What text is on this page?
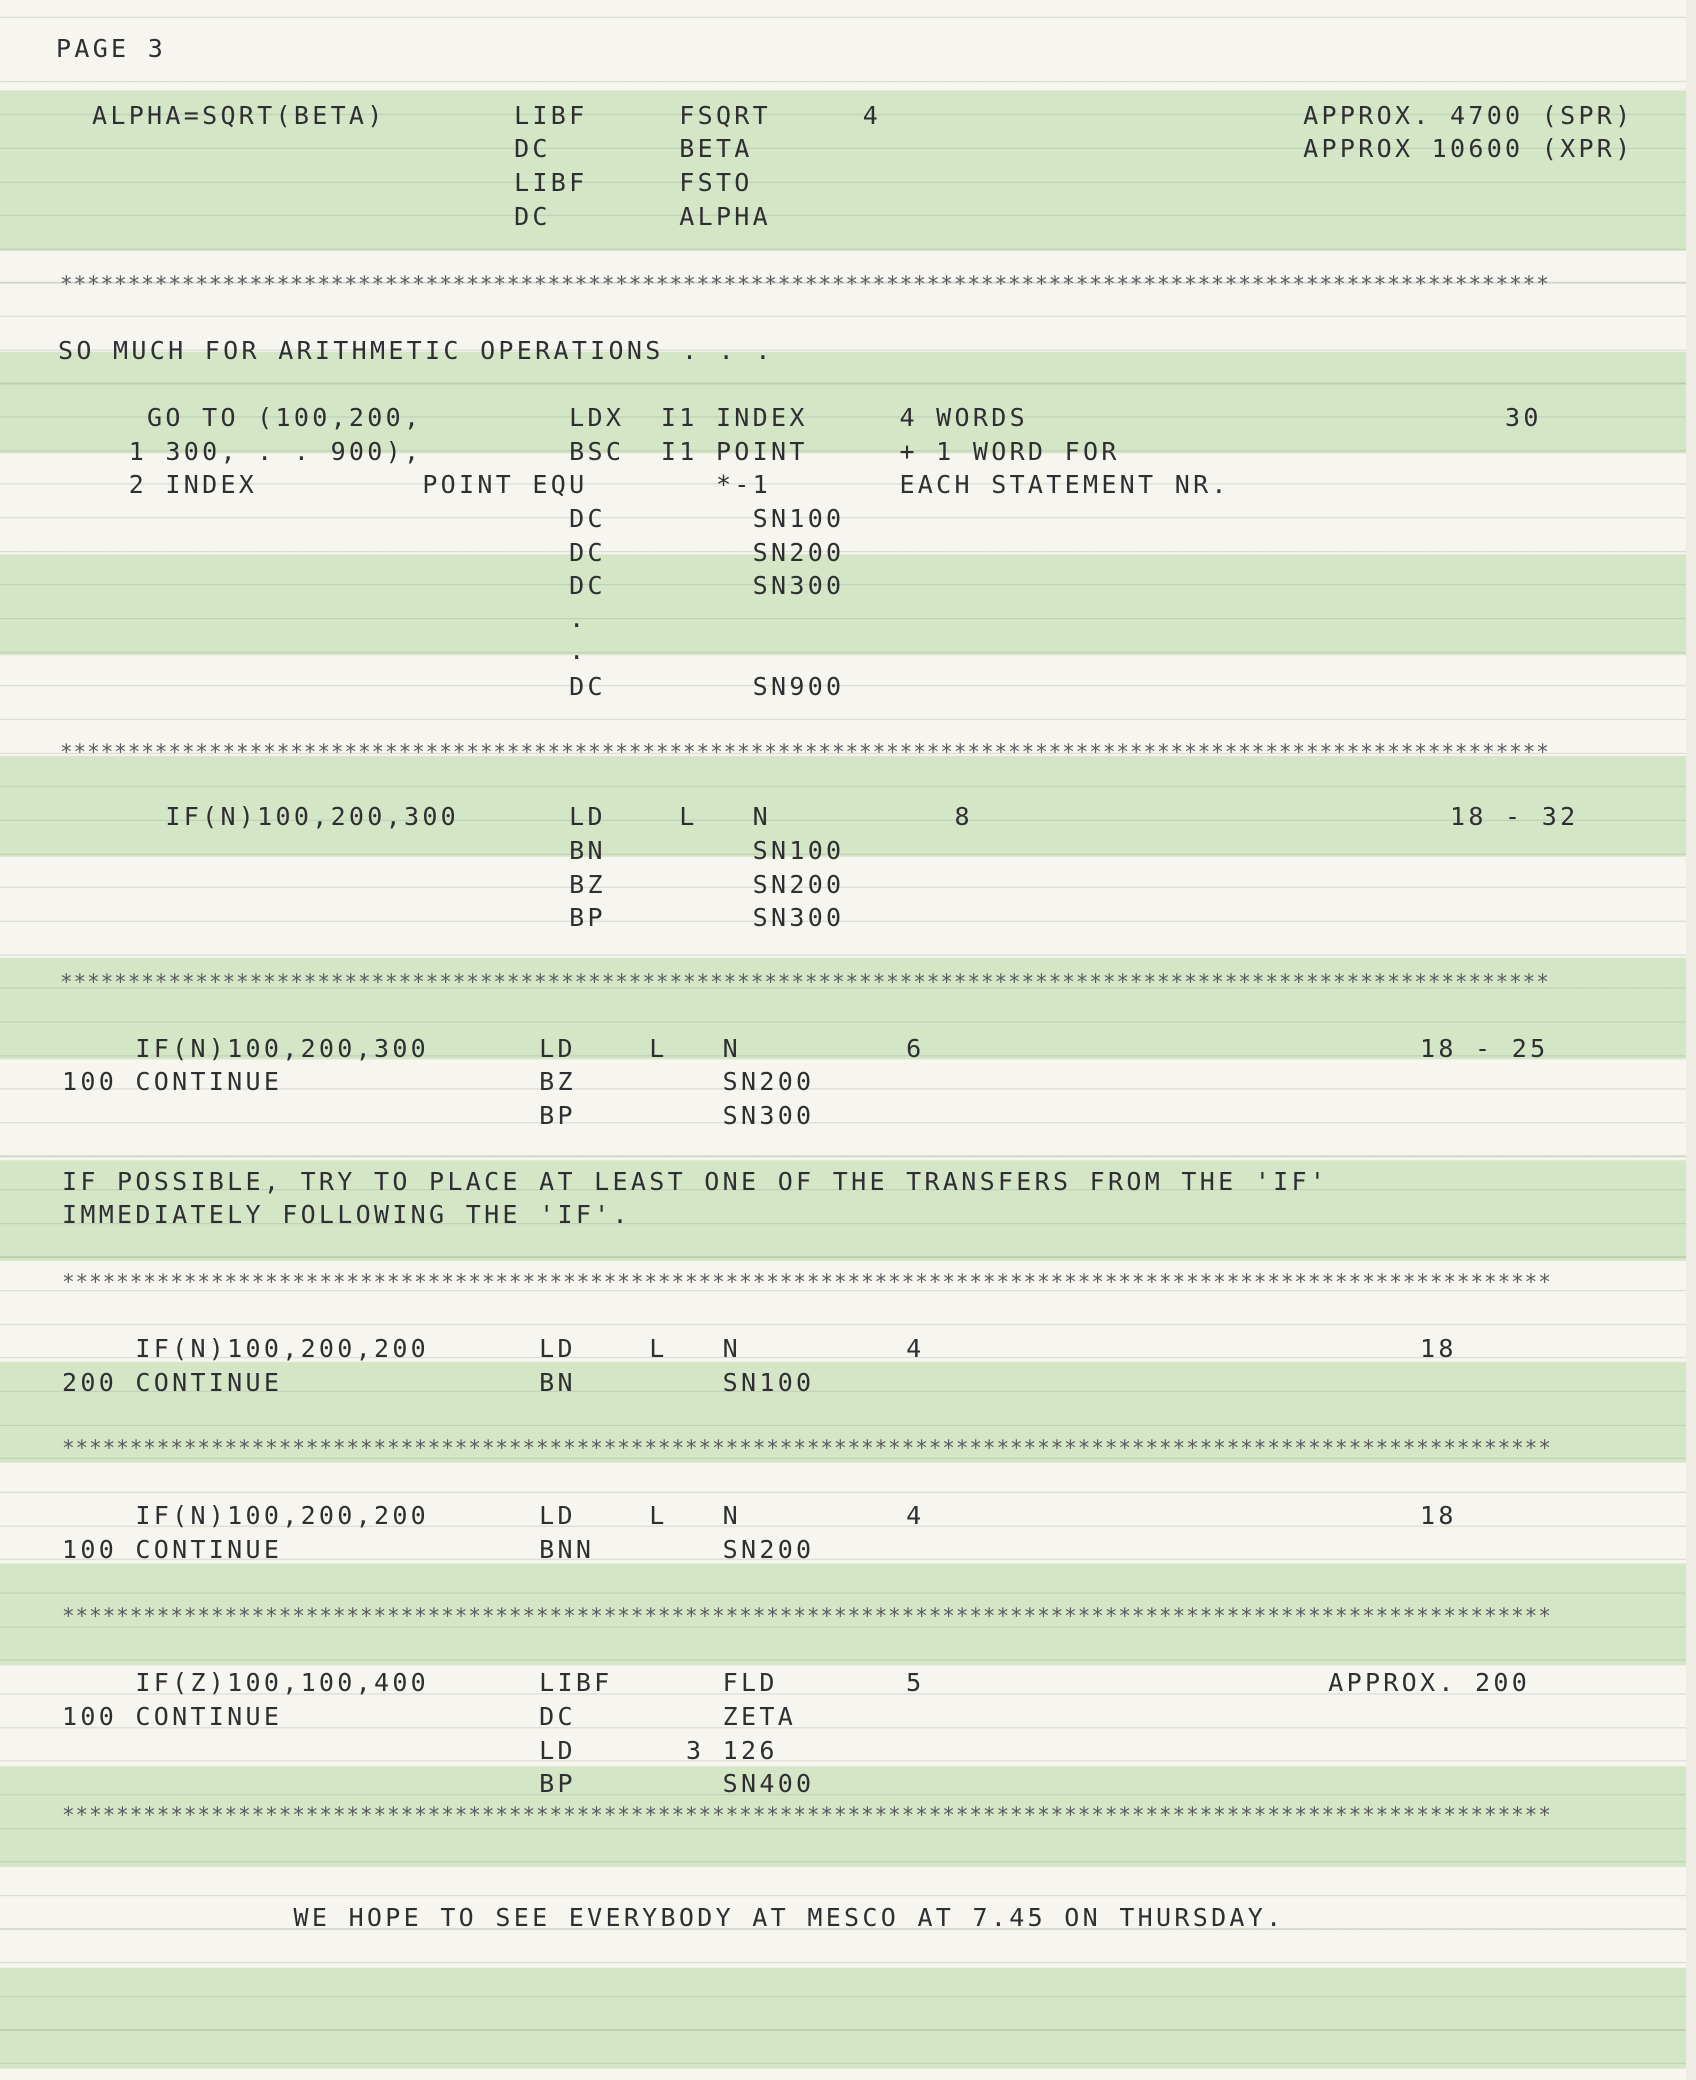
PAGE 3

ALPHA=SQRT(BETA)       LIBF     FSQRT     4                       APPROX. 4700 (SPR)

DC       BETA                              APPROX 10600 (XPR)

LIBF     FSTO

DC       ALPHA

**************************************************************************************************************

SO MUCH FOR ARITHMETIC OPERATIONS . . .

GO TO (100,200,        LDX  I1 INDEX     4 WORDS                          30

1 300, . . 900),        BSC  I1 POINT     + 1 WORD FOR

2 INDEX         POINT EQU       *-1       EACH STATEMENT NR.

DC        SN100

DC        SN200

DC        SN300

.

.

DC        SN900

**************************************************************************************************************

IF(N)100,200,300      LD    L   N          8                          18 - 32

BN        SN100

BZ        SN200

BP        SN300

**************************************************************************************************************

IF(N)100,200,300      LD    L   N         6                           18 - 25

100 CONTINUE              BZ        SN200

BP        SN300

IF POSSIBLE, TRY TO PLACE AT LEAST ONE OF THE TRANSFERS FROM THE 'IF'

IMMEDIATELY FOLLOWING THE 'IF'.

**************************************************************************************************************

IF(N)100,200,200      LD    L   N         4                           18

200 CONTINUE              BN        SN100

**************************************************************************************************************

IF(N)100,200,200      LD    L   N         4                           18

100 CONTINUE              BNN       SN200

**************************************************************************************************************

IF(Z)100,100,400      LIBF      FLD       5                      APPROX. 200

100 CONTINUE              DC        ZETA

LD      3 126

BP        SN400

**************************************************************************************************************

WE HOPE TO SEE EVERYBODY AT MESCO AT 7.45 ON THURSDAY.
